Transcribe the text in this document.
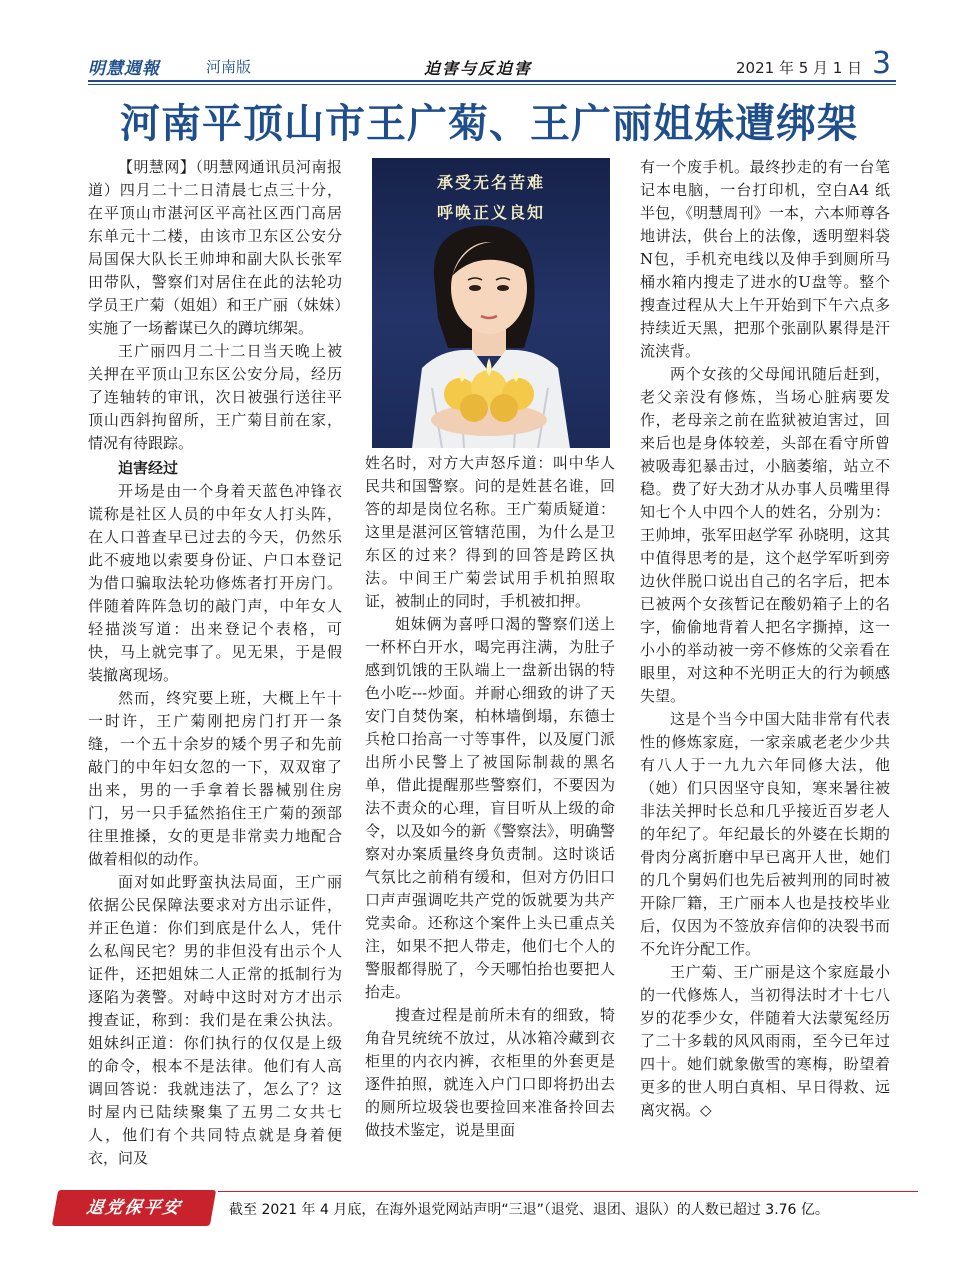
明慧週報	河南版	迫害与反迫害	2021 年 5 月 1 日 3
河南平顶山市王广菊、王广丽姐妹遭绑架

【明慧网】（明慧网通讯员河南报道）四月二十二日清晨七点三十分，在平顶山市湛河区平高社区西门高居东单元十二楼，由该市卫东区公安分局国保大队长王帅坤和副大队长张军田带队，警察们对居住在此的法轮功学员王广菊（姐姐）和王广丽（妹妹）实施了一场蓄谋已久的蹲坑绑架。

王广丽四月二十二日当天晚上被关押在平顶山卫东区公安分局，经历了连轴转的审讯，次日被强行送往平顶山西斜拘留所，王广菊目前在家，情况有待跟踪。

迫害经过

开场是由一个身着天蓝色冲锋衣谎称是社区人员的中年女人打头阵，在人口普查早已过去的今天，仍然乐此不疲地以索要身份证、户口本登记为借口骗取法轮功修炼者打开房门。伴随着阵阵急切的敲门声，中年女人轻描淡写道：出来登记个表格，可快，马上就完事了。见无果，于是假装撤离现场。

然而，终究要上班，大概上午十一时许，王广菊刚把房门打开一条缝，一个五十余岁的矮个男子和先前敲门的中年妇女忽的一下，双双窜了出来，男的一手拿着长器械别住房门，另一只手猛然掐住王广菊的颈部往里推搡，女的更是非常卖力地配合做着相似的动作。

面对如此野蛮执法局面，王广丽依据公民保障法要求对方出示证件，并正色道：你们到底是什么人，凭什么私闯民宅？男的非但没有出示个人证件，还把姐妹二人正常的抵制行为逐陷为袭警。对峙中这时对方才出示搜查证，称到：我们是在秉公执法。姐妹纠正道：你们执行的仅仅是上级的命令，根本不是法律。他们有人高调回答说：我就违法了，怎么了？这时屋内已陆续聚集了五男二女共七人，他们有个共同特点就是身着便衣，问及

承受无名苦难
呼唤正义良知

姓名时，对方大声怒斥道：叫中华人民共和国警察。问的是姓甚名谁，回答的却是岗位名称。王广菊质疑道：这里是湛河区管辖范围，为什么是卫东区的过来？得到的回答是跨区执法。中间王广菊尝试用手机拍照取证，被制止的同时，手机被扣押。

姐妹俩为喜呼口渴的警察们送上一杯杯白开水，喝完再注满，为肚子感到饥饿的王队端上一盘新出锅的特色小吃---炒面。并耐心细致的讲了天安门自焚伪案，柏林墙倒塌，东德士兵枪口抬高一寸等事件，以及厦门派出所小民警上了被国际制裁的黑名单，借此提醒那些警察们，不要因为法不责众的心理，盲目听从上级的命令，以及如今的新《警察法》，明确警察对办案质量终身负责制。这时谈话气氛比之前稍有缓和，但对方仍旧口口声声强调吃共产党的饭就要为共产党卖命。还称这个案件上头已重点关注，如果不把人带走，他们七个人的警服都得脱了，今天哪怕抬也要把人抬走。

搜查过程是前所未有的细致，犄角旮旯统统不放过，从冰箱冷藏到衣柜里的内衣内裤，衣柜里的外套更是逐件拍照，就连入户门口即将扔出去的厕所垃圾袋也要捡回来准备拎回去做技术鉴定，说是里面

有一个废手机。最终抄走的有一台笔记本电脑，一台打印机，空白A4 纸半包，《明慧周刊》一本，六本师尊各地讲法，供台上的法像，透明塑料袋N包，手机充电线以及伸手到厕所马桶水箱内搜走了进水的U盘等。整个搜查过程从大上午开始到下午六点多持续近天黑，把那个张副队累得是汗流浃背。

两个女孩的父母闻讯随后赶到，老父亲没有修炼，当场心脏病要发作，老母亲之前在监狱被迫害过，回来后也是身体较差，头部在看守所曾被吸毒犯暴击过，小脑萎缩，站立不稳。费了好大劲才从办事人员嘴里得知七个人中四个人的姓名，分别为：王帅坤，张军田赵学军 孙晓明，这其中值得思考的是，这个赵学军听到旁边伙伴脱口说出自己的名字后，把本已被两个女孩暂记在酸奶箱子上的名字，偷偷地背着人把名字撕掉，这一小小的举动被一旁不修炼的父亲看在眼里，对这种不光明正大的行为顿感失望。

这是个当今中国大陆非常有代表性的修炼家庭，一家亲戚老老少少共有八人于一九九六年同修大法，他（她）们只因坚守良知，寒来暑往被非法关押时长总和几乎接近百岁老人的年纪了。年纪最长的外婆在长期的骨肉分离折磨中早已离开人世，她们的几个舅妈们也先后被判刑的同时被开除厂籍，王广丽本人也是技校毕业后，仅因为不签放弃信仰的决裂书而不允许分配工作。

王广菊、王广丽是这个家庭最小的一代修炼人，当初得法时才十七八岁的花季少女，伴随着大法蒙冤经历了二十多载的风风雨雨，至今已年过四十。她们就象傲雪的寒梅，盼望着更多的世人明白真相、早日得救、远离灾祸。◇

退党保平安	截至 2021 年 4 月底，在海外退党网站声明“三退”（退党、退团、退队）的人数已超过 3.76 亿。
